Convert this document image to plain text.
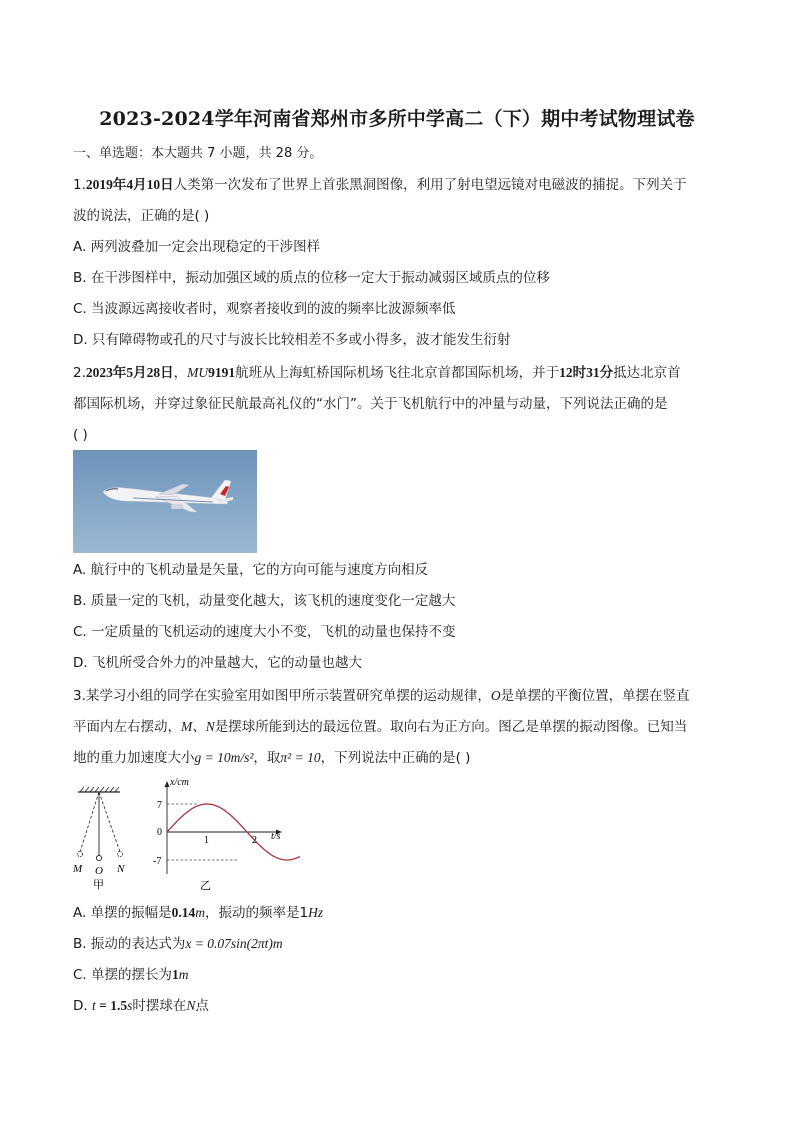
2023-2024学年河南省郑州市多所中学高二（下）期中考试物理试卷
一、单选题：本大题共 7 小题，共 28 分。
1.2019年4月10日人类第一次发布了世界上首张黑洞图像，利用了射电望远镜对电磁波的捕捉。下列关于
波的说法，正确的是( )
A. 两列波叠加一定会出现稳定的干涉图样
B. 在干涉图样中，振动加强区域的质点的位移一定大于振动减弱区域质点的位移
C. 当波源远离接收者时，观察者接收到的波的频率比波源频率低
D. 只有障碍物或孔的尺寸与波长比较相差不多或小得多，波才能发生衍射
2.2023年5月28日，MU9191航班从上海虹桥国际机场飞往北京首都国际机场，并于12时31分抵达北京首
都国际机场，并穿过象征民航最高礼仪的“水门”。关于飞机航行中的冲量与动量，下列说法正确的是
( )
A. 航行中的飞机动量是矢量，它的方向可能与速度方向相反
B. 质量一定的飞机，动量变化越大，该飞机的速度变化一定越大
C. 一定质量的飞机运动的速度大小不变，飞机的动量也保持不变
D. 飞机所受合外力的冲量越大，它的动量也越大
3.某学习小组的同学在实验室用如图甲所示装置研究单摆的运动规律，O是单摆的平衡位置，单摆在竖直
平面内左右摆动，M、N是摆球所能到达的最远位置。取向右为正方向。图乙是单摆的振动图像。已知当
地的重力加速度大小g = 10m/s²，取π² = 10，下列说法中正确的是( )
M O N
甲
x/cm
t/s
7
0
-7
1	2
乙
A. 单摆的振幅是0.14m，振动的频率是1Hz
B. 振动的表达式为x = 0.07sin(2πt)m
C. 单摆的摆长为1m
D. t = 1.5s时摆球在N点
